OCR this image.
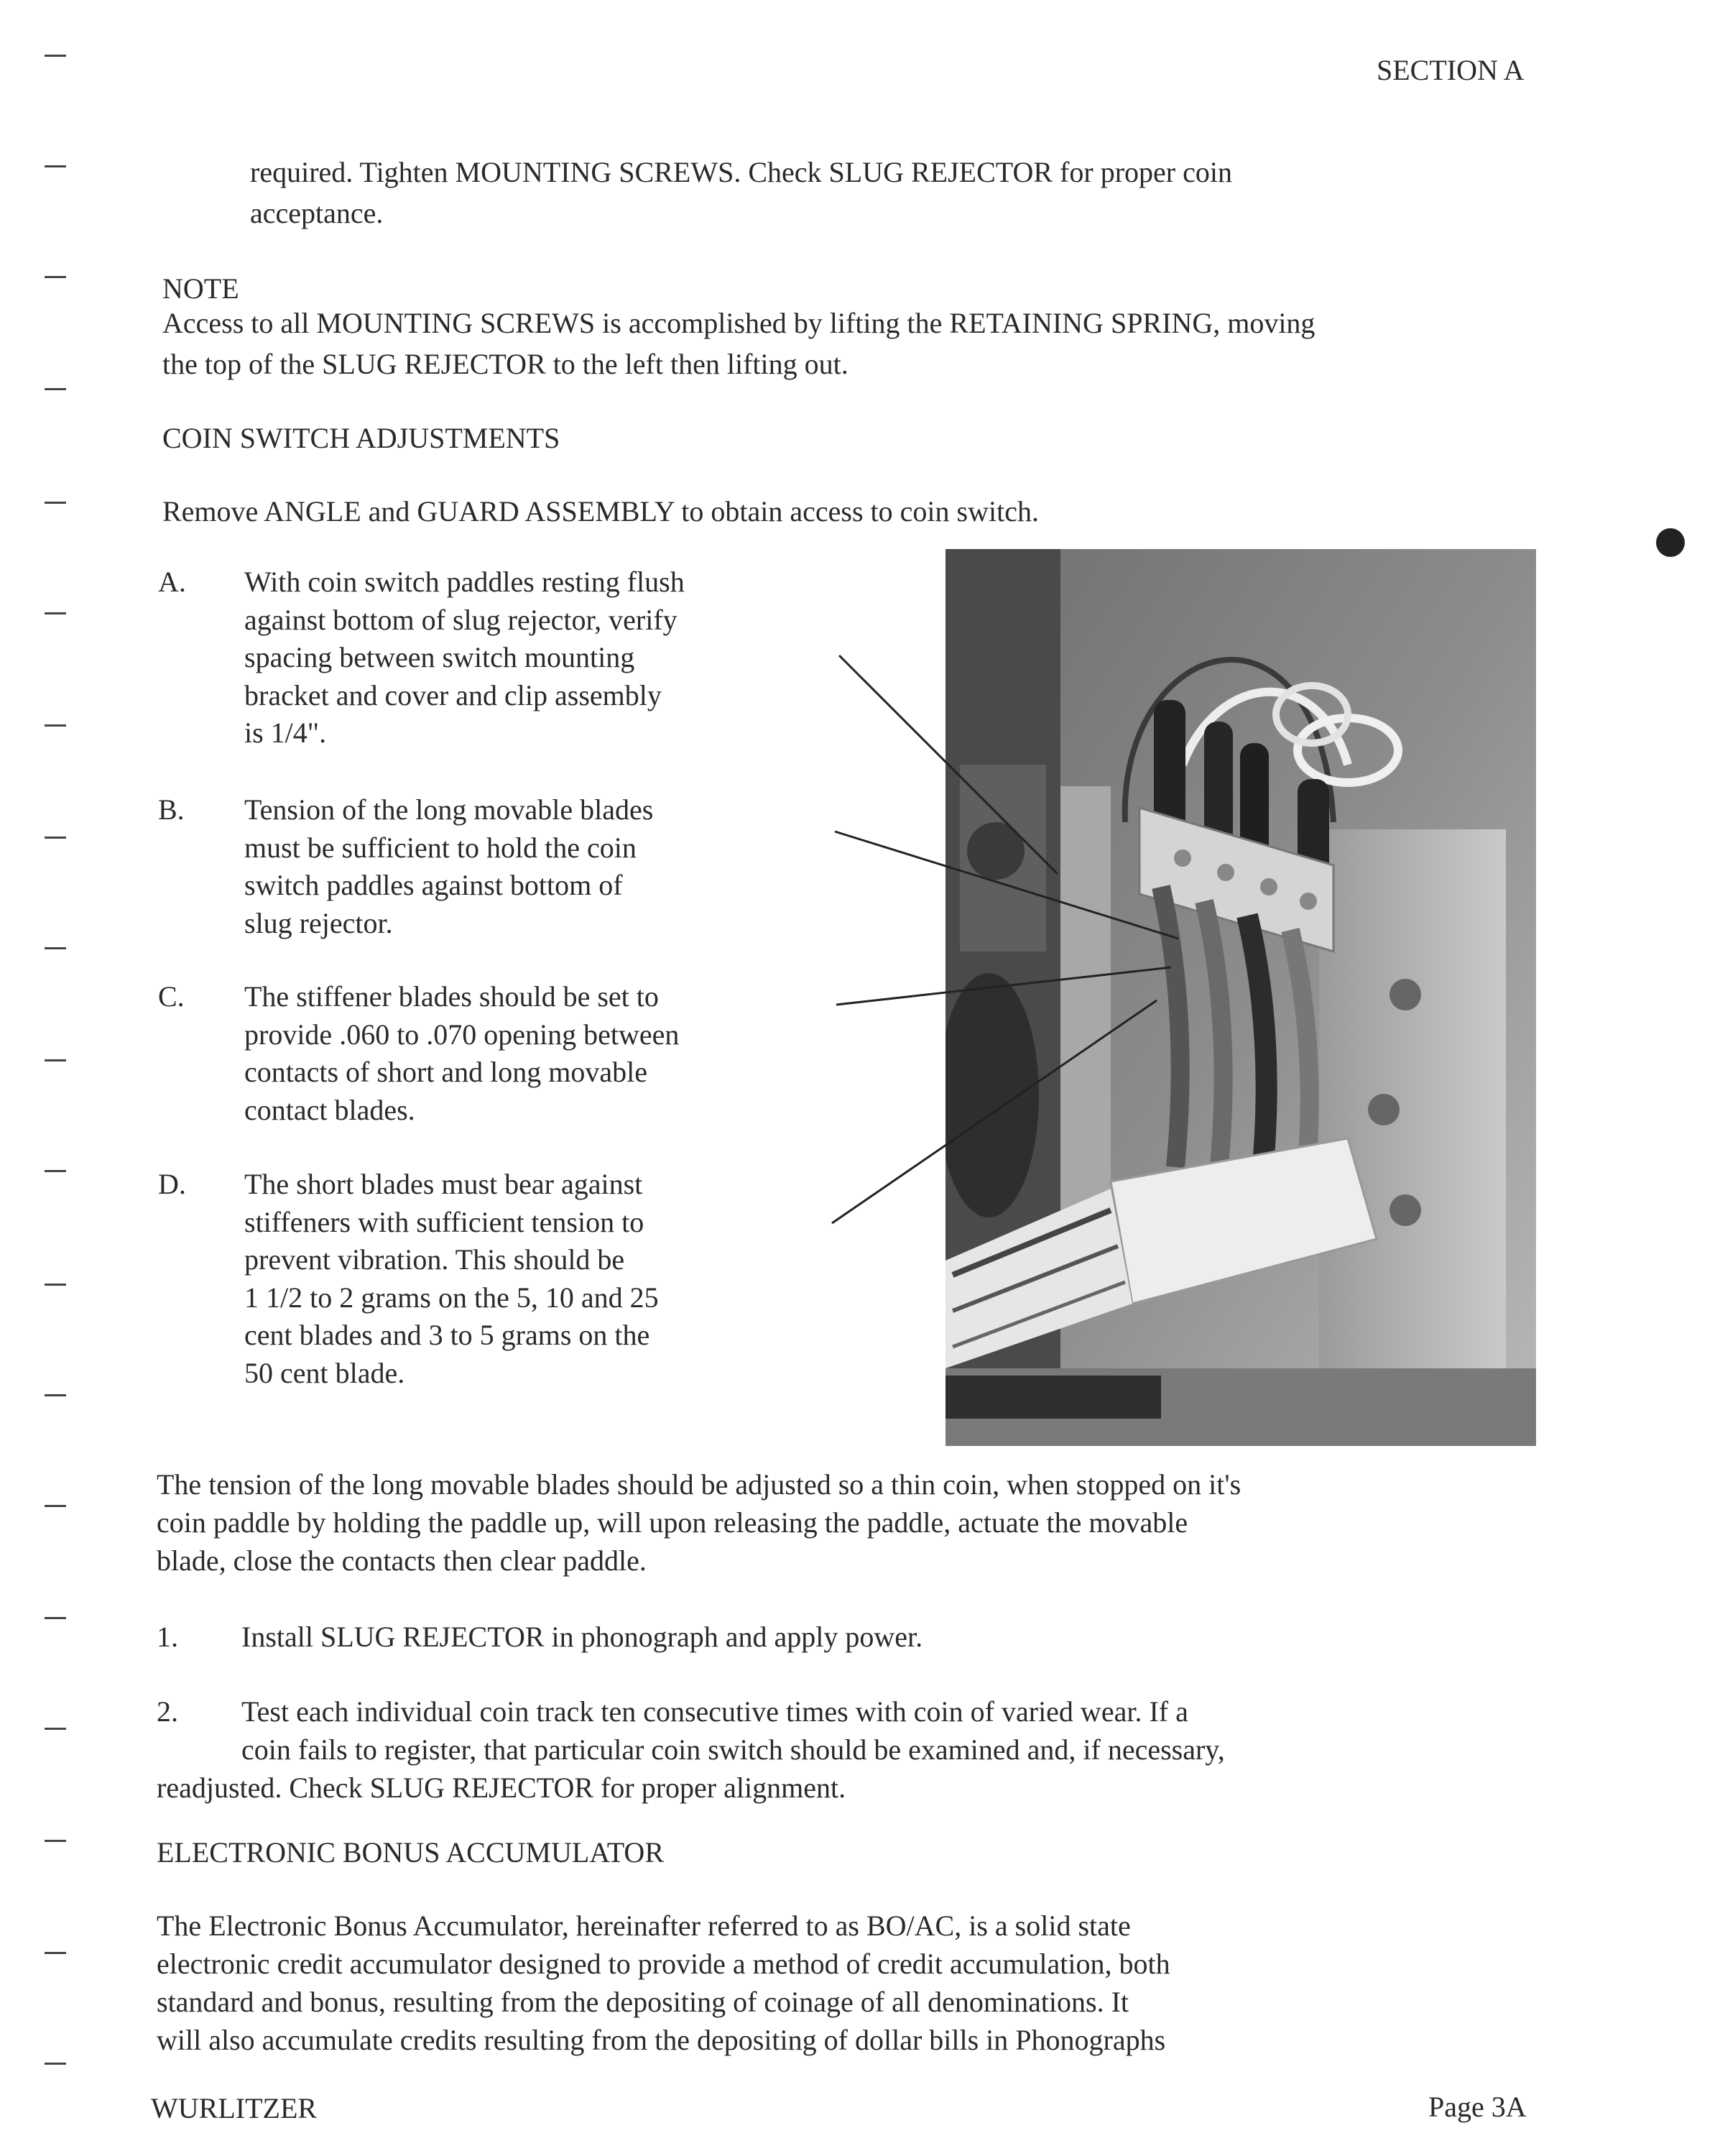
SECTION A
required. Tighten MOUNTING SCREWS. Check SLUG REJECTOR for proper coin
acceptance.
NOTE
Access to all MOUNTING SCREWS is accomplished by lifting the RETAINING SPRING, moving
the top of the SLUG REJECTOR to the left then lifting out.
COIN SWITCH ADJUSTMENTS
Remove ANGLE and GUARD ASSEMBLY to obtain access to coin switch.
A. With coin switch paddles resting flush
against bottom of slug rejector, verify
spacing between switch mounting
bracket and cover and clip assembly
is 1/4".
B. Tension of the long movable blades
must be sufficient to hold the coin
switch paddles against bottom of
slug rejector.
C. The stiffener blades should be set to
provide .060 to .070 opening between
contacts of short and long movable
contact blades.
D. The short blades must bear against
stiffeners with sufficient tension to
prevent vibration. This should be
1 1/2 to 2 grams on the 5, 10 and 25
cent blades and 3 to 5 grams on the
50 cent blade.
The tension of the long movable blades should be adjusted so a thin coin, when stopped on it's
coin paddle by holding the paddle up, will upon releasing the paddle, actuate the movable
blade, close the contacts then clear paddle.
1. Install SLUG REJECTOR in phonograph and apply power.
2. Test each individual coin track ten consecutive times with coin of varied wear. If a
coin fails to register, that particular coin switch should be examined and, if necessary,
readjusted. Check SLUG REJECTOR for proper alignment.
ELECTRONIC BONUS ACCUMULATOR
The Electronic Bonus Accumulator, hereinafter referred to as BO/AC, is a solid state
electronic credit accumulator designed to provide a method of credit accumulation, both
standard and bonus, resulting from the depositing of coinage of all denominations. It
will also accumulate credits resulting from the depositing of dollar bills in Phonographs
WURLITZER	Page 3A
